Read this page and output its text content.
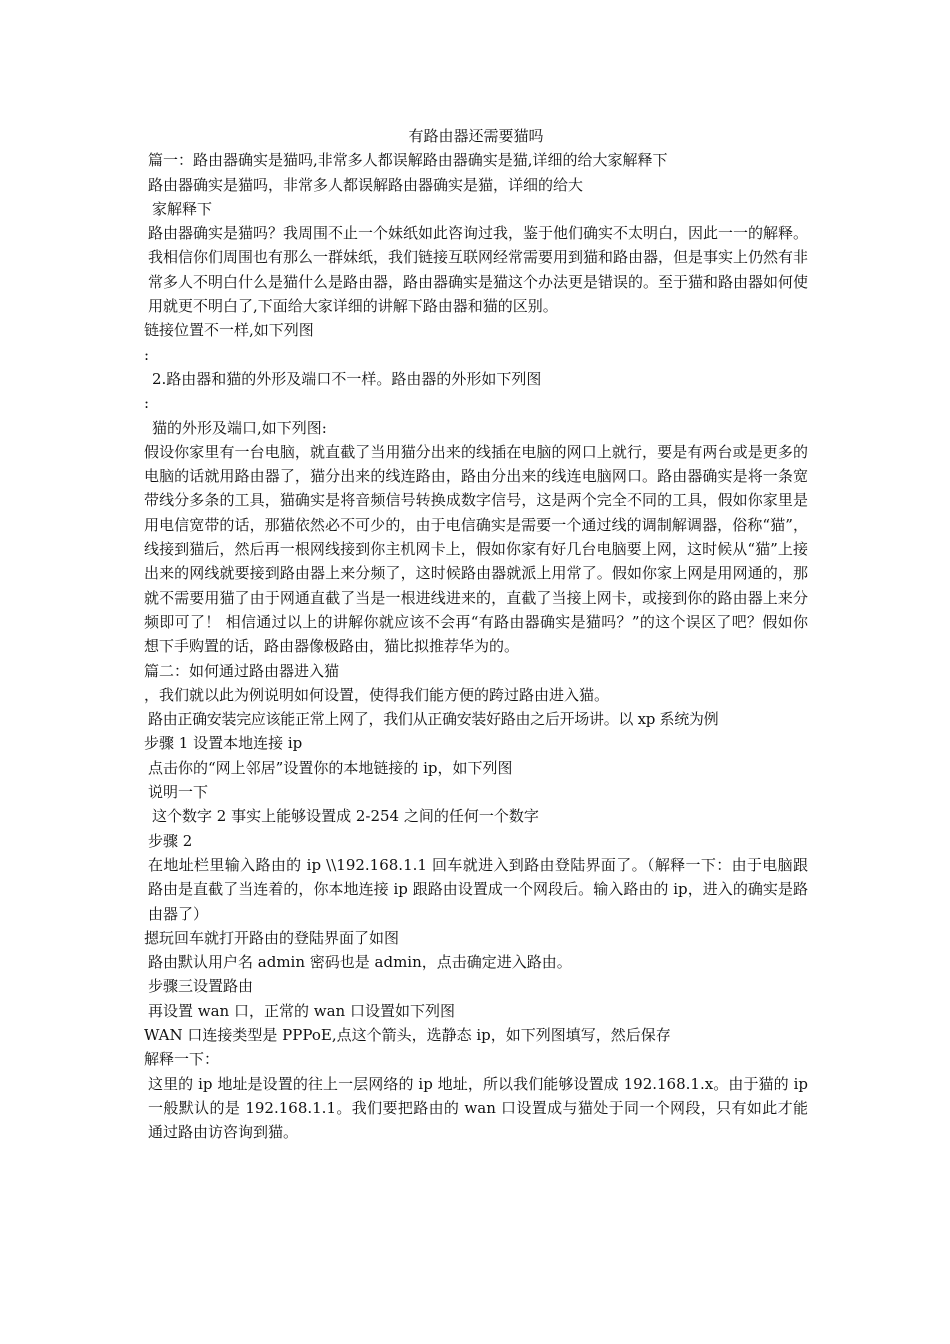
有路由器还需要猫吗

篇一：路由器确实是猫吗,非常多人都误解路由器确实是猫,详细的给大家解释下

路由器确实是猫吗，非常多人都误解路由器确实是猫，详细的给大

家解释下

路由器确实是猫吗？我周围不止一个妹纸如此咨询过我，鉴于他们确实不太明白，因此一一的解释。我相信你们周围也有那么一群妹纸，我们链接互联网经常需要用到猫和路由器，但是事实上仍然有非常多人不明白什么是猫什么是路由器，路由器确实是猫这个办法更是错误的。至于猫和路由器如何使用就更不明白了,下面给大家详细的讲解下路由器和猫的区别。

链接位置不一样,如下列图

:

2.路由器和猫的外形及端口不一样。路由器的外形如下列图

:

猫的外形及端口,如下列图:

假设你家里有一台电脑，就直截了当用猫分出来的线插在电脑的网口上就行，要是有两台或是更多的电脑的话就用路由器了，猫分出来的线连路由，路由分出来的线连电脑网口。路由器确实是将一条宽带线分多条的工具，猫确实是将音频信号转换成数字信号，这是两个完全不同的工具，假如你家里是用电信宽带的话，那猫依然必不可少的，由于电信确实是需要一个通过线的调制解调器，俗称“猫”，线接到猫后，然后再一根网线接到你主机网卡上，假如你家有好几台电脑要上网，这时候从“猫”上接出来的网线就要接到路由器上来分频了，这时候路由器就派上用常了。假如你家上网是用网通的，那就不需要用猫了由于网通直截了当是一根进线进来的，直截了当接上网卡，或接到你的路由器上来分频即可了！ 相信通过以上的讲解你就应该不会再“有路由器确实是猫吗？”的这个误区了吧？假如你想下手购置的话，路由器像极路由，猫比拟推荐华为的。

篇二：如何通过路由器进入猫

，我们就以此为例说明如何设置，使得我们能方便的跨过路由进入猫。

路由正确安装完应该能正常上网了，我们从正确安装好路由之后开场讲。以 xp 系统为例

步骤 1 设置本地连接 ip

点击你的“网上邻居”设置你的本地链接的 ip，如下列图

说明一下

这个数字 2 事实上能够设置成 2-254 之间的任何一个数字

步骤 2

在地址栏里输入路由的 ip \\192.168.1.1 回车就进入到路由登陆界面了。（解释一下：由于电脑跟路由是直截了当连着的，你本地连接 ip 跟路由设置成一个网段后。输入路由的 ip，进入的确实是路由器了）

摁玩回车就打开路由的登陆界面了如图

路由默认用户名 admin 密码也是 admin，点击确定进入路由。

步骤三设置路由

再设置 wan 口，正常的 wan 口设置如下列图

WAN 口连接类型是 PPPoE,点这个箭头，选静态 ip，如下列图填写，然后保存

解释一下：

这里的 ip 地址是设置的往上一层网络的 ip 地址，所以我们能够设置成 192.168.1.x。由于猫的 ip 一般默认的是 192.168.1.1。我们要把路由的 wan 口设置成与猫处于同一个网段，只有如此才能通过路由访咨询到猫。
